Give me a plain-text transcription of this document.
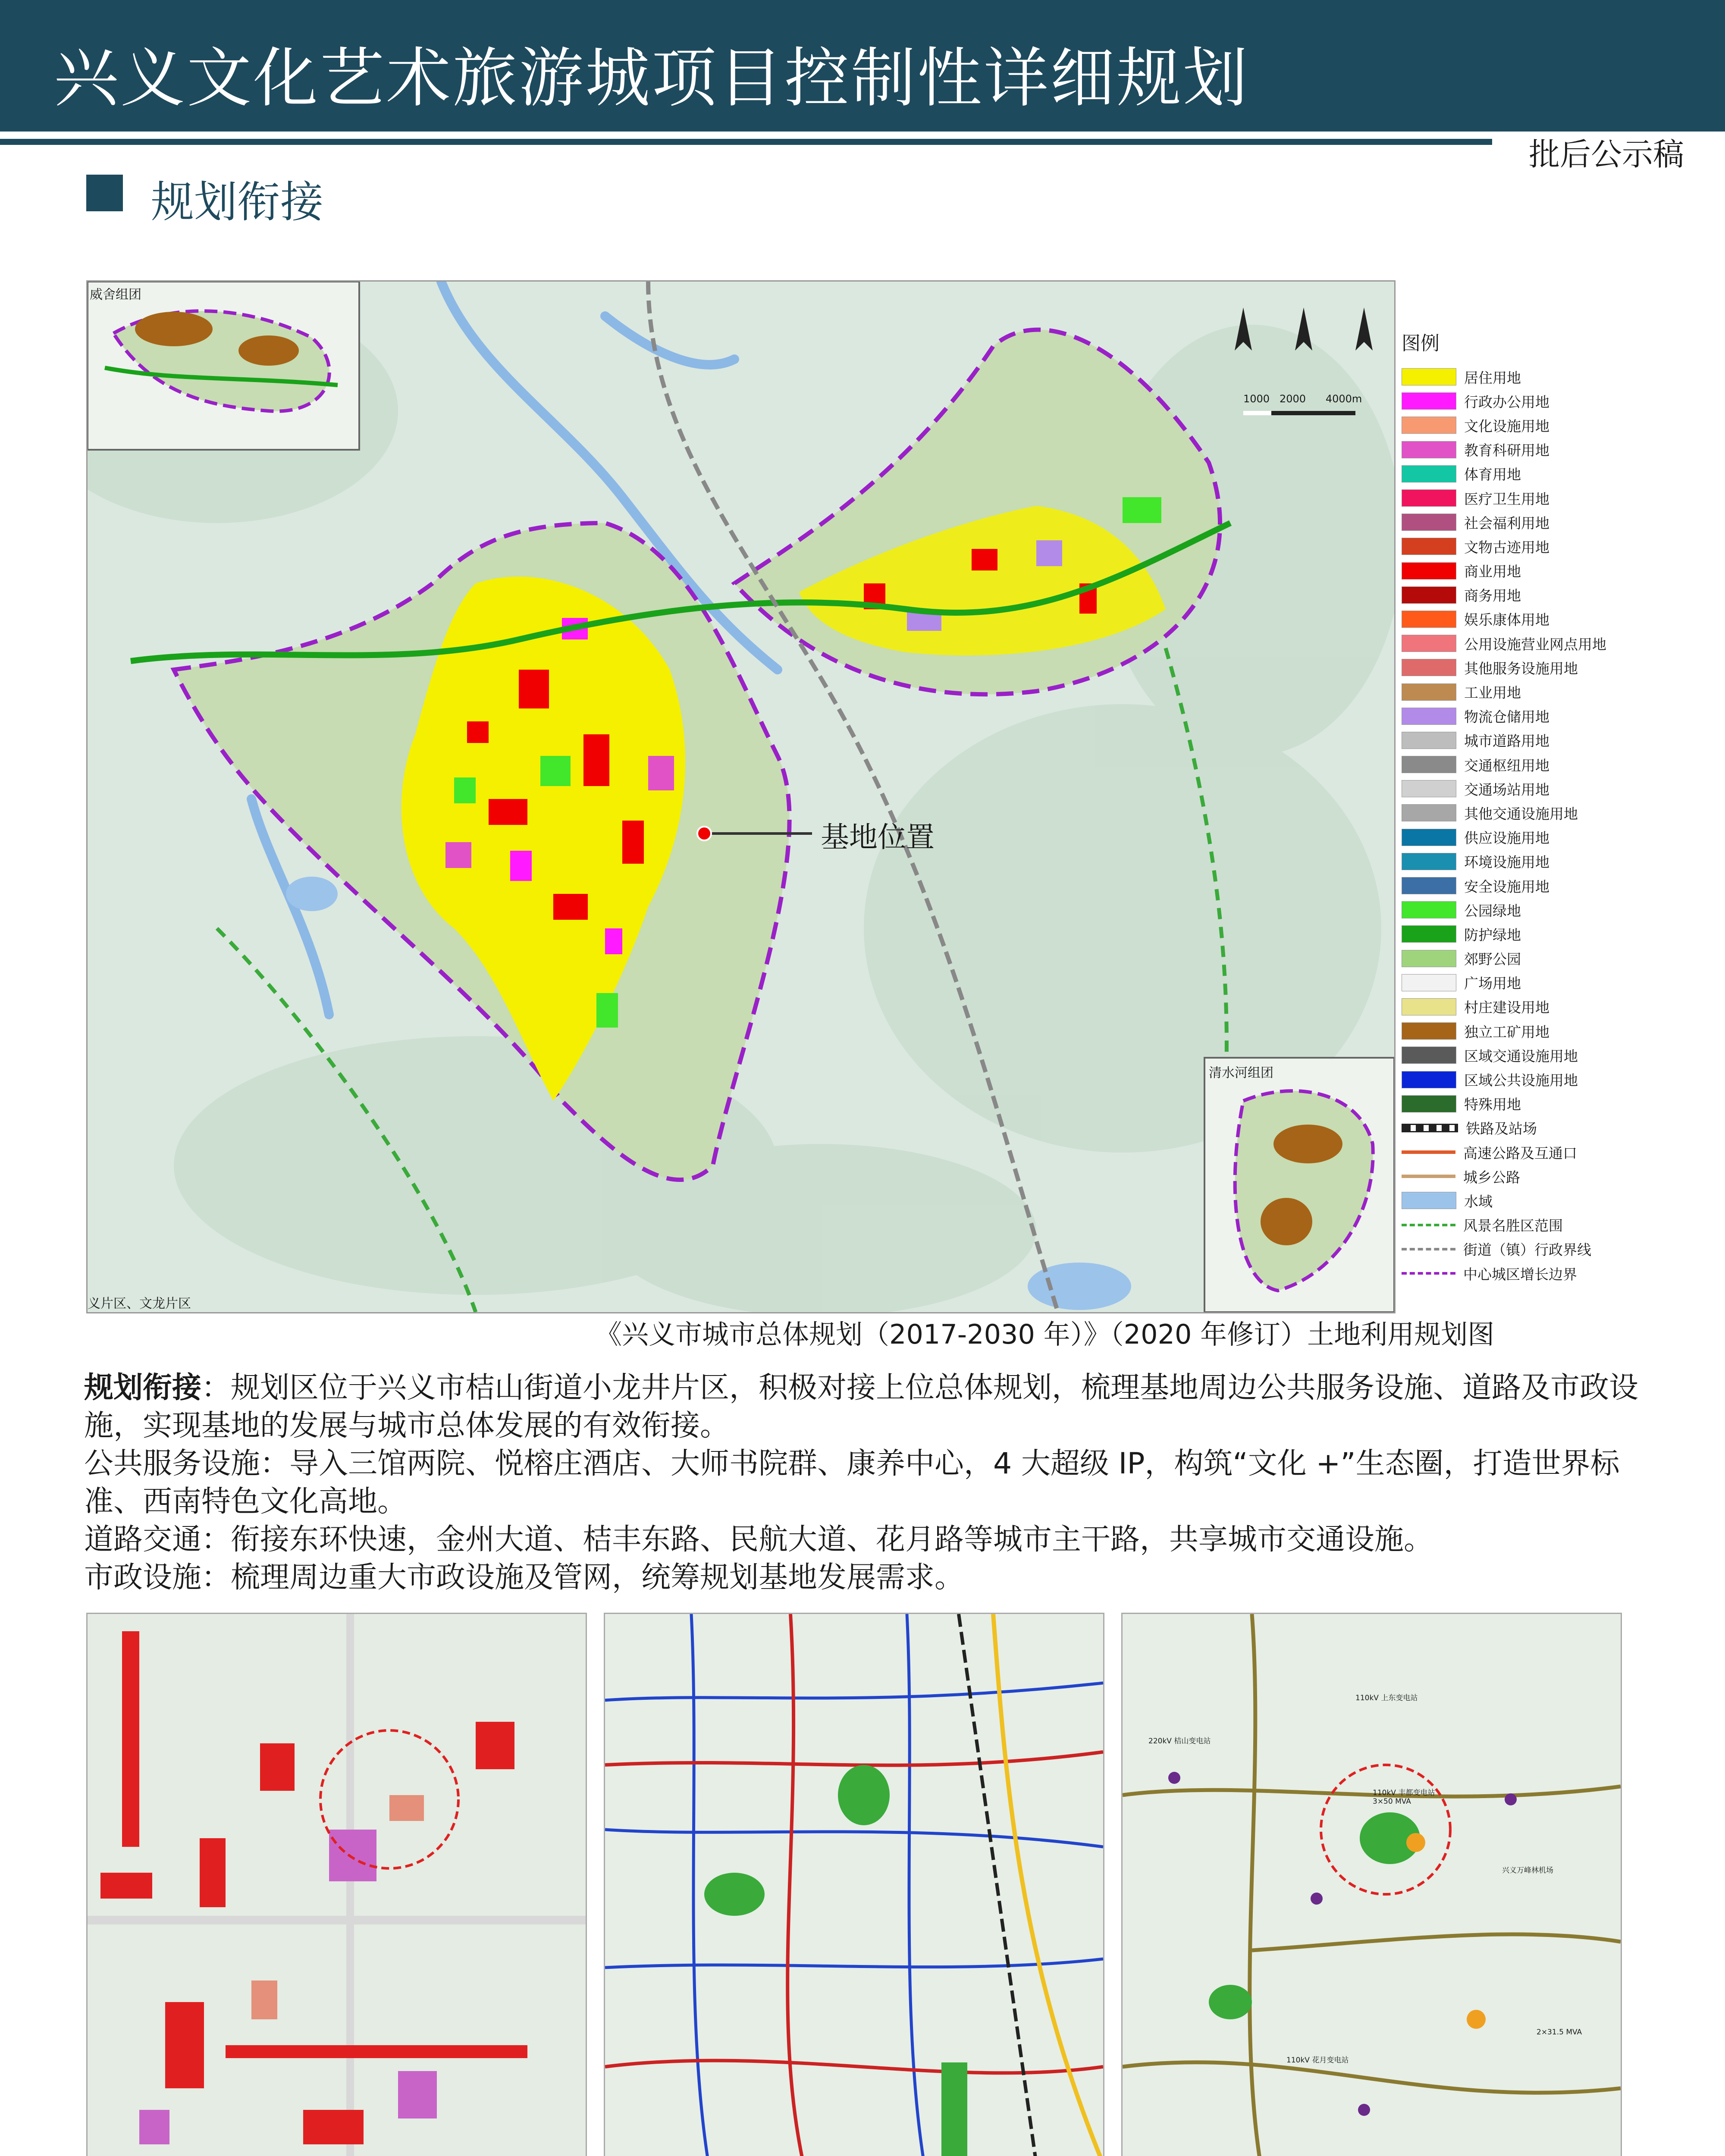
兴义文化艺术旅游城项目控制性详细规划
批后公示稿
规划衔接
威舍组团
清水河组团
义片区、文龙片区
1000   2000      4000m
基地位置
图例
居住用地
行政办公用地
文化设施用地
教育科研用地
体育用地
医疗卫生用地
社会福利用地
文物古迹用地
商业用地
商务用地
娱乐康体用地
公用设施营业网点用地
其他服务设施用地
工业用地
物流仓储用地
城市道路用地
交通枢纽用地
交通场站用地
其他交通设施用地
供应设施用地
环境设施用地
安全设施用地
公园绿地
防护绿地
郊野公园
广场用地
村庄建设用地
独立工矿用地
区域交通设施用地
区域公共设施用地
特殊用地
铁路及站场
高速公路及互通口
城乡公路
水域
风景名胜区范围
街道（镇）行政界线
中心城区增长边界
《兴义市城市总体规划（2017-2030 年）》（2020 年修订）土地利用规划图

规划衔接：规划区位于兴义市桔山街道小龙井片区，积极对接上位总体规划，梳理基地周边公共服务设施、道路及市政设施，实现基地的发展与城市总体发展的有效衔接。

公共服务设施：导入三馆两院、悦榕庄酒店、大师书院群、康养中心，4 大超级 IP，构筑“文化 +”生态圈，打造世界标准、西南特色文化高地。

道路交通：衔接东环快速，金州大道、桔丰东路、民航大道、花月路等城市主干路，共享城市交通设施。

市政设施：梳理周边重大市政设施及管网，统筹规划基地发展需求。

110kV 丰都变电站
110kV 花月变电站
220kV 桔山变电站
110kV 上东变电站
3×50 MVA
2×31.5 MVA
兴义万峰林机场
